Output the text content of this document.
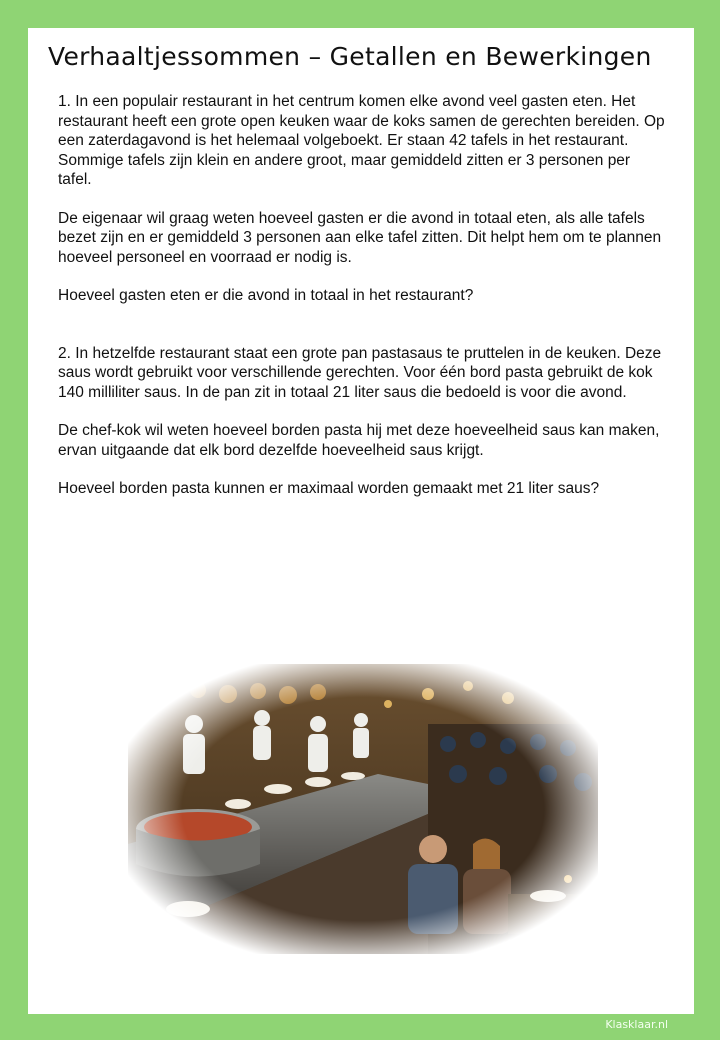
Verhaaltjessommen – Getallen en Bewerkingen

1. In een populair restaurant in het centrum komen elke avond veel gasten eten. Het restaurant heeft een grote open keuken waar de koks samen de gerechten bereiden. Op een zaterdagavond is het helemaal volgeboekt. Er staan 42 tafels in het restaurant. Sommige tafels zijn klein en andere groot, maar gemiddeld zitten er 3 personen per tafel.

De eigenaar wil graag weten hoeveel gasten er die avond in totaal eten, als alle tafels bezet zijn en er gemiddeld 3 personen aan elke tafel zitten. Dit helpt hem om te plannen hoeveel personeel en voorraad er nodig is.

Hoeveel gasten eten er die avond in totaal in het restaurant?

2. In hetzelfde restaurant staat een grote pan pastasaus te pruttelen in de keuken. Deze saus wordt gebruikt voor verschillende gerechten. Voor één bord pasta gebruikt de kok 140 milliliter saus. In de pan zit in totaal 21 liter saus die bedoeld is voor die avond.

De chef-kok wil weten hoeveel borden pasta hij met deze hoeveelheid saus kan maken, ervan uitgaande dat elk bord dezelfde hoeveelheid saus krijgt.

Hoeveel borden pasta kunnen er maximaal worden gemaakt met 21 liter saus?

Klasklaar.nl
